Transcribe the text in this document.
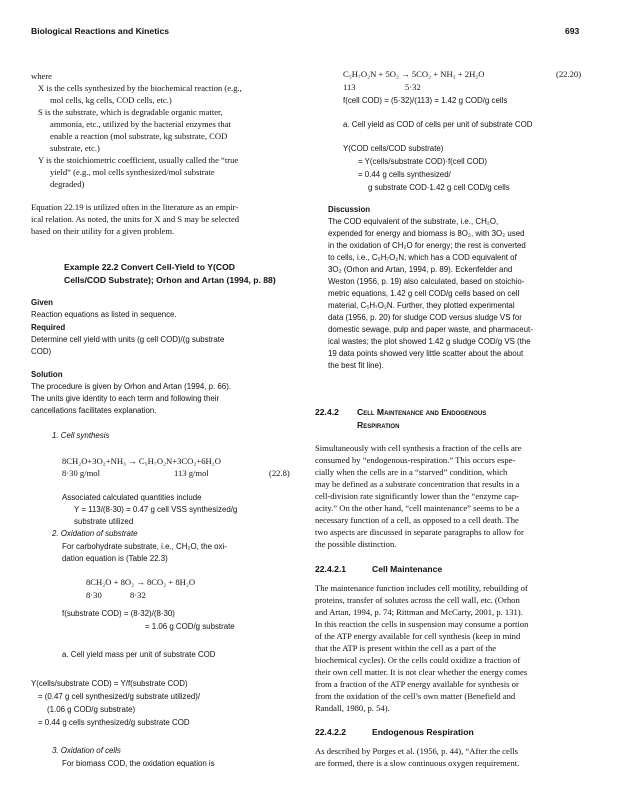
Biological Reactions and Kinetics	693
where
X is the cells synthesized by the biochemical reaction (e.g.,
mol cells, kg cells, COD cells, etc.)
S is the substrate, which is degradable organic matter,
ammonia, etc., utilized by the bacterial enzymes that
enable a reaction (mol substrate, kg substrate, COD
substrate, etc.)
Y is the stoichiometric coefficient, usually called the “true
yield” (e.g., mol cells synthesized/mol substrate
degraded)
Equation 22.19 is utilized often in the literature as an empir-
ical relation. As noted, the units for X and S may be selected
based on their utility for a given problem.
Example 22.2 Convert Cell-Yield to Y(COD
Cells/COD Substrate); Orhon and Artan (1994, p. 88)
Given
Reaction equations as listed in sequence.
Required
Determine cell yield with units (g cell COD)/(g substrate
COD)
Solution
The procedure is given by Orhon and Artan (1994, p. 66).
The units give identity to each term and following their
cancellations facilitates explanation.
1. Cell synthesis
8CH₂O+3O₂+NH₃ → C₅H₇O₂N+3CO₂+6H₂O
8·30 g/mol	113 g/mol	(22.8)
Associated calculated quantities include
Y = 113/(8·30) = 0.47 g cell VSS synthesized/g
substrate utilized
2. Oxidation of substrate
For carbohydrate substrate, i.e., CH₂O, the oxi-
dation equation is (Table 22.3)
8CH₂O + 8O₂ → 8CO₂ + 8H₂O
8·30	8·32
f(substrate COD) = (8·32)/(8·30)
= 1.06 g COD/g substrate
a. Cell yield mass per unit of substrate COD
Y(cells/substrate COD) = Y/f(substrate COD)
= (0.47 g cell synthesized/g substrate utilized)/
(1.06 g COD/g substrate)
= 0.44 g cells synthesized/g substrate COD
3. Oxidation of cells
For biomass COD, the oxidation equation is
C₅H₇O₂N + 5O₂ → 5CO₂ + NH₃ + 2H₂O	(22.20)
113	5·32
f(cell COD) = (5·32)/(113) = 1.42 g COD/g cells
a. Cell yield as COD of cells per unit of substrate COD
Y(COD cells/COD substrate)
= Y(cells/substrate COD)·f(cell COD)
= 0.44 g cells synthesized/
g substrate COD·1.42 g cell COD/g cells
Discussion
The COD equivalent of the substrate, i.e., CH₂O,
expended for energy and biomass is 8O₂, with 3O₂ used
in the oxidation of CH₂O for energy; the rest is converted
to cells, i.e., C₅H₇O₂N, which has a COD equivalent of
3O₂ (Orhon and Artan, 1994, p. 89). Eckenfelder and
Weston (1956, p. 19) also calculated, based on stoichio-
metric equations, 1.42 g cell COD/g cells based on cell
material, C₅H₇O₂N. Further, they plotted experimental
data (1956, p. 20) for sludge COD versus sludge VS for
domestic sewage, pulp and paper waste, and pharmaceut-
ical wastes; the plot showed 1.42 g sludge COD/g VS (the
19 data points showed very little scatter about the about
the best fit line).
22.4.2 Cell Maintenance and Endogenous
Respiration
Simultaneously with cell synthesis a fraction of the cells are
consumed by “endogenous-respiration.” This occurs espe-
cially when the cells are in a “starved” condition, which
may be defined as a substrate concentration that results in a
cell-division rate significantly lower than the “enzyme cap-
acity.” On the other hand, “cell maintenance” seems to be a
necessary function of a cell, as opposed to a cell death. The
two aspects are discussed in separate paragraphs to allow for
the possible distinction.
22.4.2.1	Cell Maintenance
The maintenance function includes cell motility, rebuilding of
proteins, transfer of solutes across the cell wall, etc. (Orhon
and Artan, 1994, p. 74; Rittman and McCarty, 2001, p. 131).
In this reaction the cells in suspension may consume a portion
of the ATP energy available for cell synthesis (keep in mind
that the ATP is present within the cell as a part of the
biochemical cycles). Or the cells could oxidize a fraction of
their own cell matter. It is not clear whether the energy comes
from a fraction of the ATP energy available for synthesis or
from the oxidation of the cell’s own matter (Benefield and
Randall, 1980, p. 54).
22.4.2.2	Endogenous Respiration
As described by Porges et al. (1956, p. 44), “After the cells
are formed, there is a slow continuous oxygen requirement.
